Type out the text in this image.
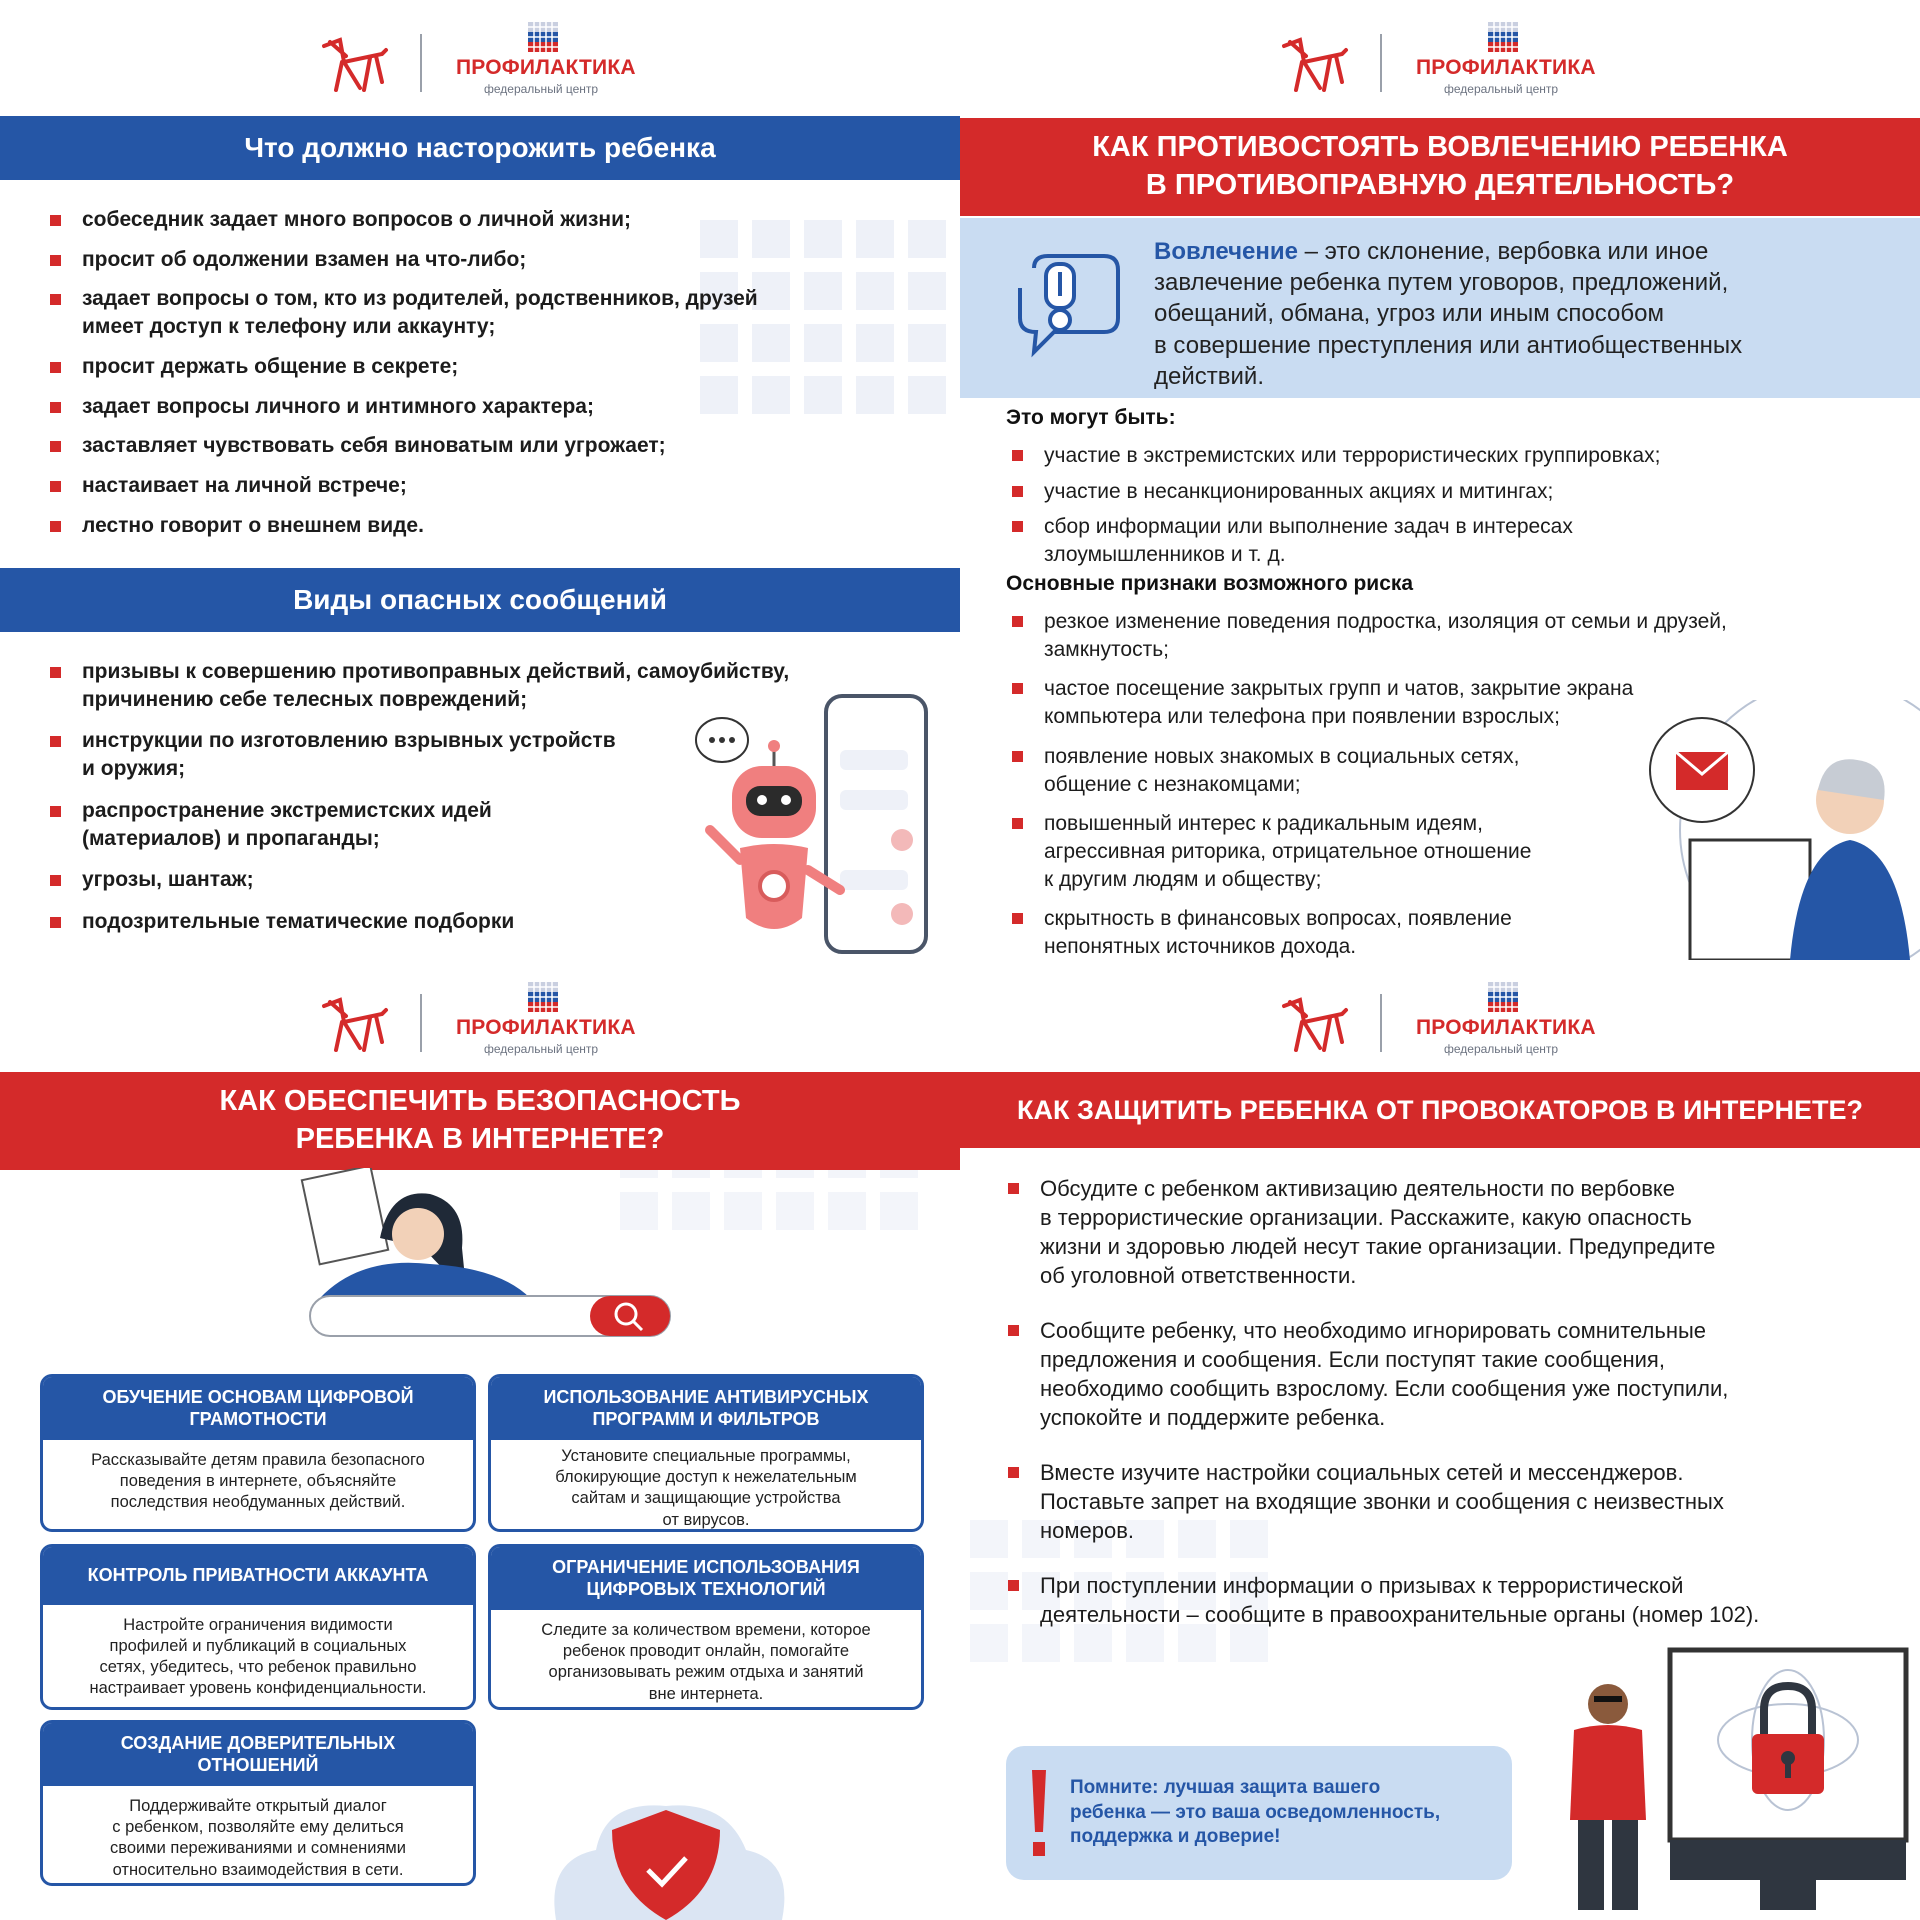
ПРОФИЛАКТИКА
федеральный центр
Что должно насторожить ребенка
собеседник задает много вопросов о личной жизни;
просит об одолжении взамен на что-либо;
задает вопросы о том, кто из родителей, родственников, друзей
имеет доступ к телефону или аккаунту;
просит держать общение в секрете;
задает вопросы личного и интимного характера;
заставляет чувствовать себя виноватым или угрожает;
настаивает на личной встрече;
лестно говорит о внешнем виде.
Виды опасных сообщений
призывы к совершению противоправных действий, самоубийству,
причинению себе телесных повреждений;
инструкции по изготовлению взрывных устройств
и оружия;
распространение экстремистских идей
(материалов) и пропаганды;
угрозы, шантаж;
подозрительные тематические подборки
ПРОФИЛАКТИКА
федеральный центр
КАК ПРОТИВОСТОЯТЬ ВОВЛЕЧЕНИЮ РЕБЕНКА
В ПРОТИВОПРАВНУЮ ДЕЯТЕЛЬНОСТЬ?
Вовлечение – это склонение, вербовка или иное
завлечение ребенка путем уговоров, предложений,
обещаний, обмана, угроз или иным способом
в совершение преступления или антиобщественных
действий.
Это могут быть:
участие в экстремистских или террористических группировках;
участие в несанкционированных акциях и митингах;
сбор информации или выполнение задач в интересах
злоумышленников и т. д.
Основные признаки возможного риска
резкое изменение поведения подростка, изоляция от семьи и друзей,
замкнутость;
частое посещение закрытых групп и чатов, закрытие экрана
компьютера или телефона при появлении взрослых;
появление новых знакомых в социальных сетях,
общение с незнакомцами;
повышенный интерес к радикальным идеям,
агрессивная риторика, отрицательное отношение
к другим людям и обществу;
скрытность в финансовых вопросах, появление
непонятных источников дохода.
ПРОФИЛАКТИКА
федеральный центр
КАК ОБЕСПЕЧИТЬ БЕЗОПАСНОСТЬ
РЕБЕНКА В ИНТЕРНЕТЕ?
ОБУЧЕНИЕ ОСНОВАМ ЦИФРОВОЙ
ГРАМОТНОСТИ
Рассказывайте детям правила безопасного
поведения в интернете, объясняйте
последствия необдуманных действий.
ИСПОЛЬЗОВАНИЕ АНТИВИРУСНЫХ
ПРОГРАММ И ФИЛЬТРОВ
Установите специальные программы,
блокирующие доступ к нежелательным
сайтам и защищающие устройства
от вирусов.
КОНТРОЛЬ ПРИВАТНОСТИ АККАУНТА
Настройте ограничения видимости
профилей и публикаций в социальных
сетях, убедитесь, что ребенок правильно
настраивает уровень конфиденциальности.
ОГРАНИЧЕНИЕ ИСПОЛЬЗОВАНИЯ
ЦИФРОВЫХ ТЕХНОЛОГИЙ
Следите за количеством времени, которое
ребенок проводит онлайн, помогайте
организовывать режим отдыха и занятий
вне интернета.
СОЗДАНИЕ ДОВЕРИТЕЛЬНЫХ
ОТНОШЕНИЙ
Поддерживайте открытый диалог
с ребенком, позволяйте ему делиться
своими переживаниями и сомнениями
относительно взаимодействия в сети.
ПРОФИЛАКТИКА
федеральный центр
КАК ЗАЩИТИТЬ РЕБЕНКА ОТ ПРОВОКАТОРОВ В ИНТЕРНЕТЕ?
Обсудите с ребенком активизацию деятельности по вербовке
в террористические организации. Расскажите, какую опасность
жизни и здоровью людей несут такие организации. Предупредите
об уголовной ответственности.
Сообщите ребенку, что необходимо игнорировать сомнительные
предложения и сообщения. Если поступят такие сообщения,
необходимо сообщить взрослому. Если сообщения уже поступили,
успокойте и поддержите ребенка.
Вместе изучите настройки социальных сетей и мессенджеров.
Поставьте запрет на входящие звонки и сообщения с неизвестных
номеров.
При поступлении информации о призывах к террористической
деятельности – сообщите в правоохранительные органы (номер 102).
Помните: лучшая защита вашего
ребенка — это ваша осведомленность,
поддержка и доверие!
